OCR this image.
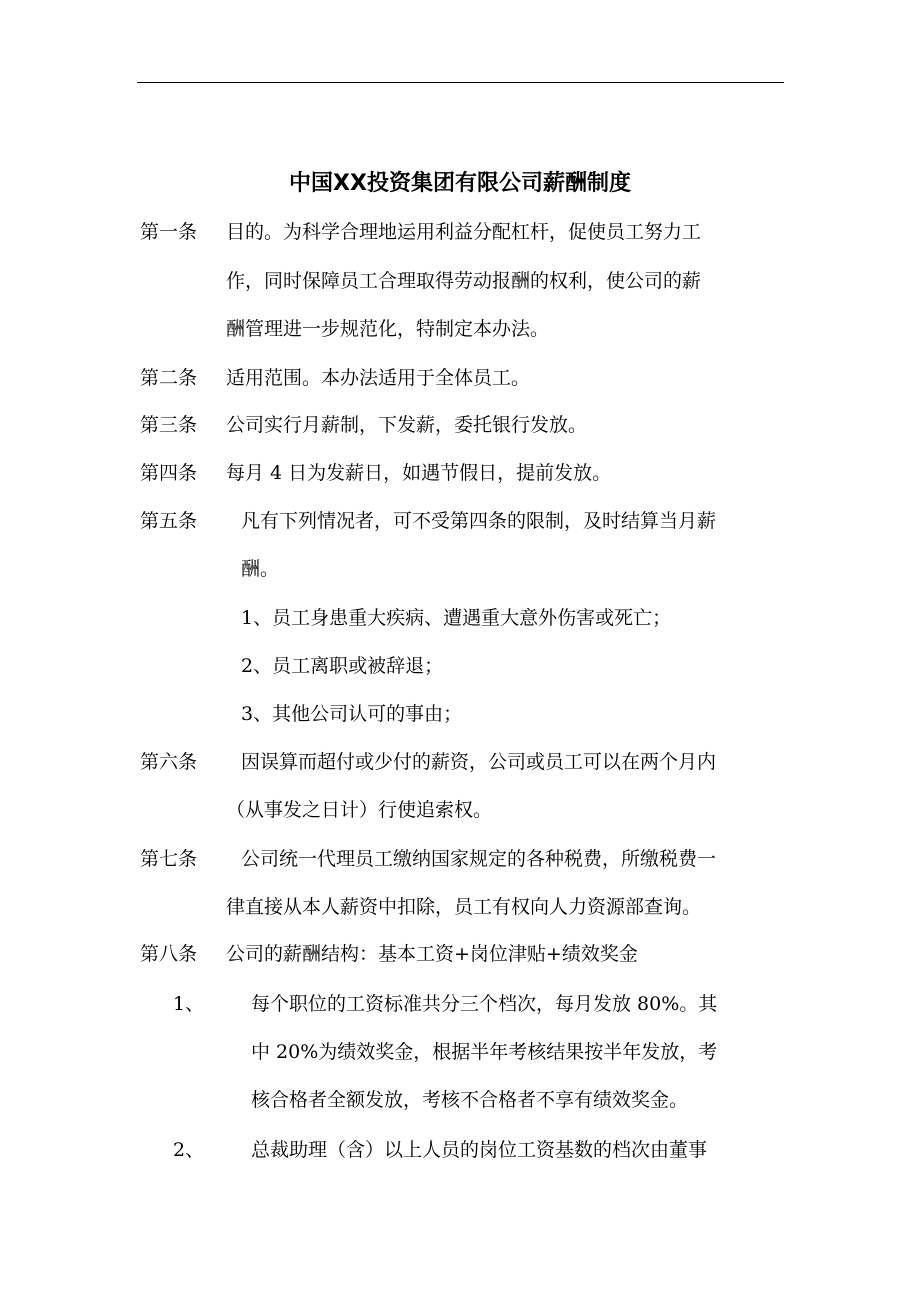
中国XX投资集团有限公司薪酬制度
第一条 目的。为科学合理地运用利益分配杠杆，促使员工努力工
作，同时保障员工合理取得劳动报酬的权利，使公司的薪
酬管理进一步规范化，特制定本办法。
第二条 适用范围。本办法适用于全体员工。
第三条 公司实行月薪制，下发薪，委托银行发放。
第四条 每月 4 日为发薪日，如遇节假日，提前发放。
第五条 凡有下列情况者，可不受第四条的限制，及时结算当月薪
酬。
1、员工身患重大疾病、遭遇重大意外伤害或死亡；
2、员工离职或被辞退；
3、其他公司认可的事由；
第六条 因误算而超付或少付的薪资，公司或员工可以在两个月内
（从事发之日计）行使追索权。
第七条 公司统一代理员工缴纳国家规定的各种税费，所缴税费一
律直接从本人薪资中扣除，员工有权向人力资源部查询。
第八条 公司的薪酬结构：基本工资+岗位津贴+绩效奖金
1、 每个职位的工资标准共分三个档次，每月发放 80%。其
中 20%为绩效奖金，根据半年考核结果按半年发放，考
核合格者全额发放，考核不合格者不享有绩效奖金。
2、 总裁助理（含）以上人员的岗位工资基数的档次由董事
